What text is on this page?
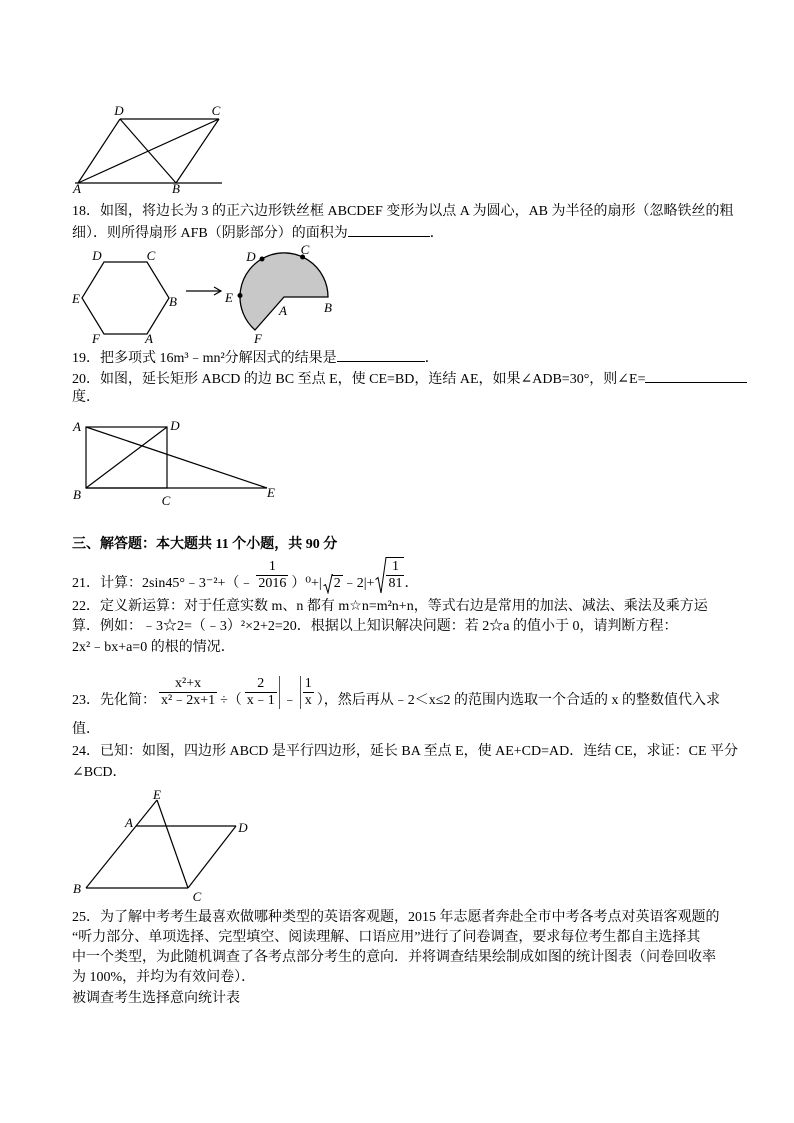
D	C
A	B
18．如图，将边长为 3 的正六边形铁丝框 ABCDEF 变形为以点 A 为圆心，AB 为半径的扇形（忽略铁丝的粗
细）．则所得扇形 AFB（阴影部分）的面积为	．
D	C
E	B
F	A
D	C
E
A	B
F
19．把多项式 16m³﹣mn²分解因式的结果是	．
20．如图，延长矩形 ABCD 的边 BC 至点 E，使 CE=BD，连结 AE，如果∠ADB=30°，则∠E=
度．
A	D
B	C
E
三、解答题：本大题共 11 个小题，共 90 分
21．计算：2sin45°﹣3⁻²+（﹣ $\frac{1}{2016} )^0+|$ 2 ﹣2|+ $\frac{1}{81}$ ．
22．定义新运算：对于任意实数 m、n 都有 m☆n=m²n+n，等式右边是常用的加法、减法、乘法及乘方运
算．例如：﹣3☆2=（﹣3）²×2+2=20．根据以上知识解决问题：若 2☆a 的值小于 0，请判断方程：
2x²﹣bx+a=0 的根的情况．
23．先化简： $\frac{\text{x²+x}}{\text{x²﹣2x+1}}$ ÷（ $\frac{2}{x﹣1}$ ﹣ $\frac{1}{x}$ ），然后再从﹣2＜x≤2 的范围内选取一个合适的 x 的整数值代入求
值．
24．已知：如图，四边形 ABCD 是平行四边形，延长 BA 至点 E，使 AE+CD=AD．连结 CE，求证：CE 平分
∠BCD．
E
A	D
B
C
25．为了解中考考生最喜欢做哪种类型的英语客观题，2015 年志愿者奔赴全市中考各考点对英语客观题的
“听力部分、单项选择、完型填空、阅读理解、口语应用”进行了问卷调查，要求每位考生都自主选择其
中一个类型，为此随机调查了各考点部分考生的意向．并将调查结果绘制成如图的统计图表（问卷回收率
为 100%，并均为有效问卷）．
被调查考生选择意向统计表
